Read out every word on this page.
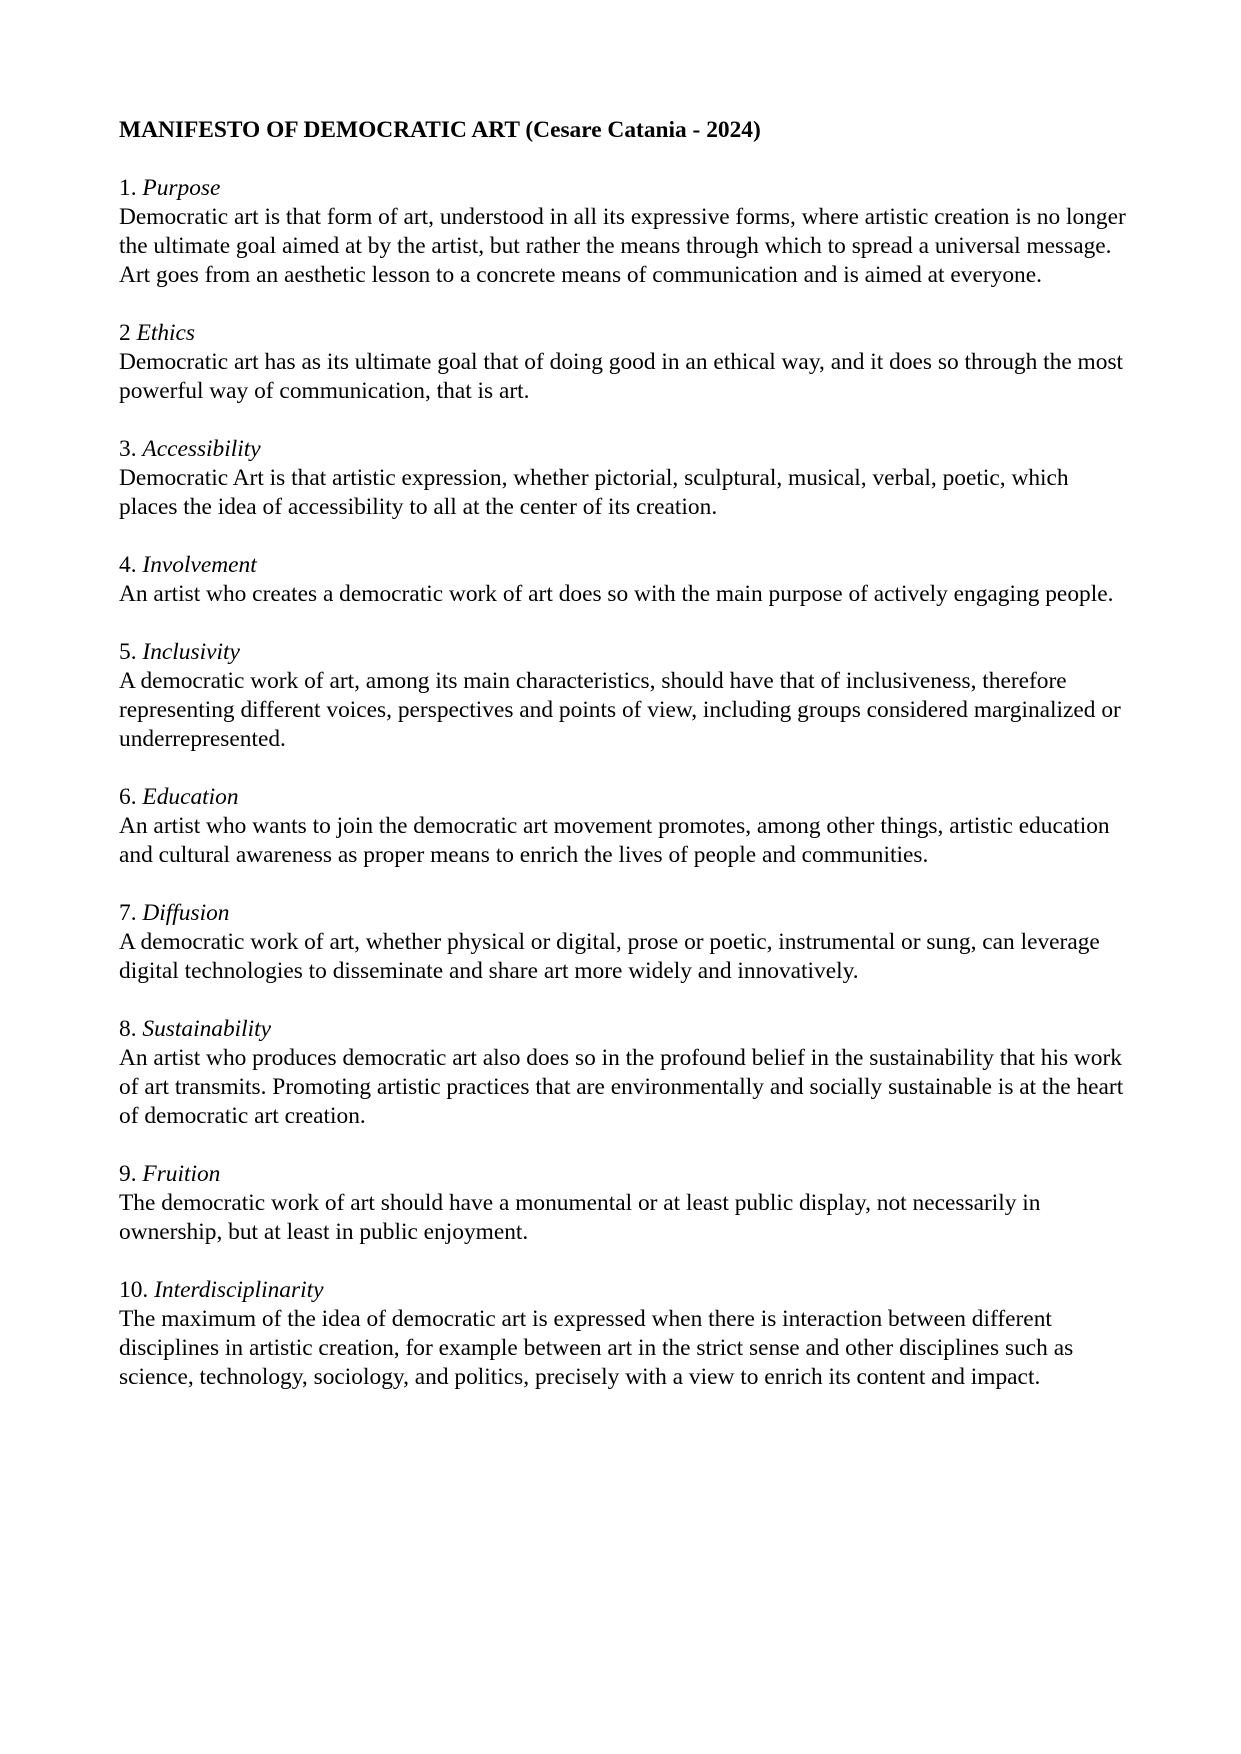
MANIFESTO OF DEMOCRATIC ART (Cesare Catania - 2024)

1. Purpose

Democratic art is that form of art, understood in all its expressive forms, where artistic creation is no longer the ultimate goal aimed at by the artist, but rather the means through which to spread a universal message. Art goes from an aesthetic lesson to a concrete means of communication and is aimed at everyone.

2 Ethics

Democratic art has as its ultimate goal that of doing good in an ethical way, and it does so through the most powerful way of communication, that is art.

3. Accessibility

Democratic Art is that artistic expression, whether pictorial, sculptural, musical, verbal, poetic, which places the idea of accessibility to all at the center of its creation.

4. Involvement

An artist who creates a democratic work of art does so with the main purpose of actively engaging people.

5. Inclusivity

A democratic work of art, among its main characteristics, should have that of inclusiveness, therefore representing different voices, perspectives and points of view, including groups considered marginalized or underrepresented.

6. Education

An artist who wants to join the democratic art movement promotes, among other things, artistic education and cultural awareness as proper means to enrich the lives of people and communities.

7. Diffusion

A democratic work of art, whether physical or digital, prose or poetic, instrumental or sung, can leverage digital technologies to disseminate and share art more widely and innovatively.

8. Sustainability

An artist who produces democratic art also does so in the profound belief in the sustainability that his work of art transmits. Promoting artistic practices that are environmentally and socially sustainable is at the heart of democratic art creation.

9. Fruition

The democratic work of art should have a monumental or at least public display, not necessarily in ownership, but at least in public enjoyment.

10. Interdisciplinarity

The maximum of the idea of democratic art is expressed when there is interaction between different disciplines in artistic creation, for example between art in the strict sense and other disciplines such as science, technology, sociology, and politics, precisely with a view to enrich its content and impact.
